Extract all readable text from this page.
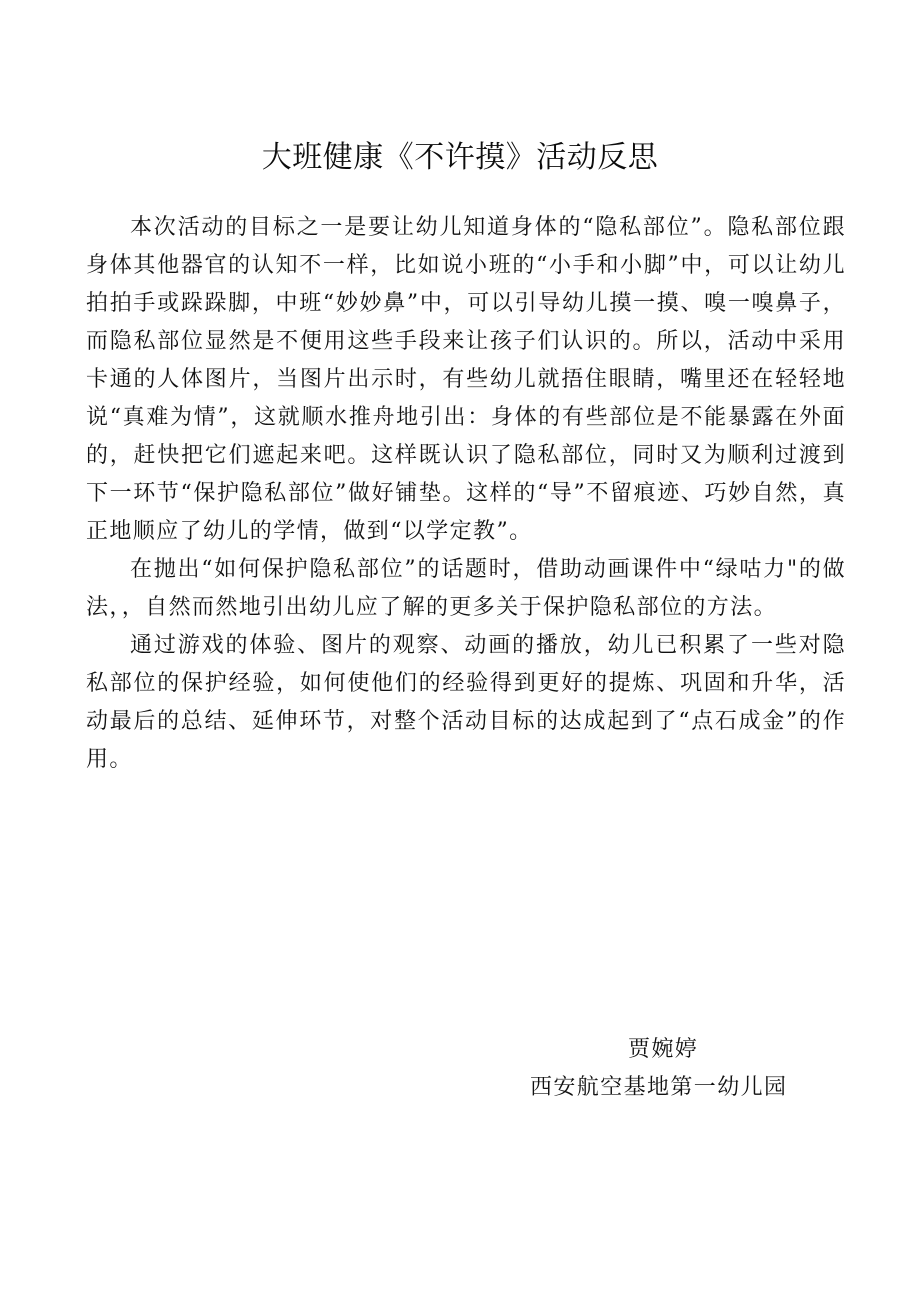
大班健康《不许摸》活动反思

本次活动的目标之一是要让幼儿知道身体的“隐私部位”。隐私部位跟身体其他器官的认知不一样，比如说小班的“小手和小脚”中，可以让幼儿拍拍手或跺跺脚，中班“妙妙鼻”中，可以引导幼儿摸一摸、嗅一嗅鼻子，而隐私部位显然是不便用这些手段来让孩子们认识的。所以，活动中采用卡通的人体图片，当图片出示时，有些幼儿就捂住眼睛，嘴里还在轻轻地说“真难为情”，这就顺水推舟地引出：身体的有些部位是不能暴露在外面的，赶快把它们遮起来吧。这样既认识了隐私部位，同时又为顺利过渡到下一环节“保护隐私部位”做好铺垫。这样的“导”不留痕迹、巧妙自然，真正地顺应了幼儿的学情，做到“以学定教”。

在抛出“如何保护隐私部位”的话题时，借助动画课件中“绿咕力"的做法，，自然而然地引出幼儿应了解的更多关于保护隐私部位的方法。

通过游戏的体验、图片的观察、动画的播放，幼儿已积累了一些对隐私部位的保护经验，如何使他们的经验得到更好的提炼、巩固和升华，活动最后的总结、延伸环节，对整个活动目标的达成起到了“点石成金”的作用。

贾婉婷
西安航空基地第一幼儿园
